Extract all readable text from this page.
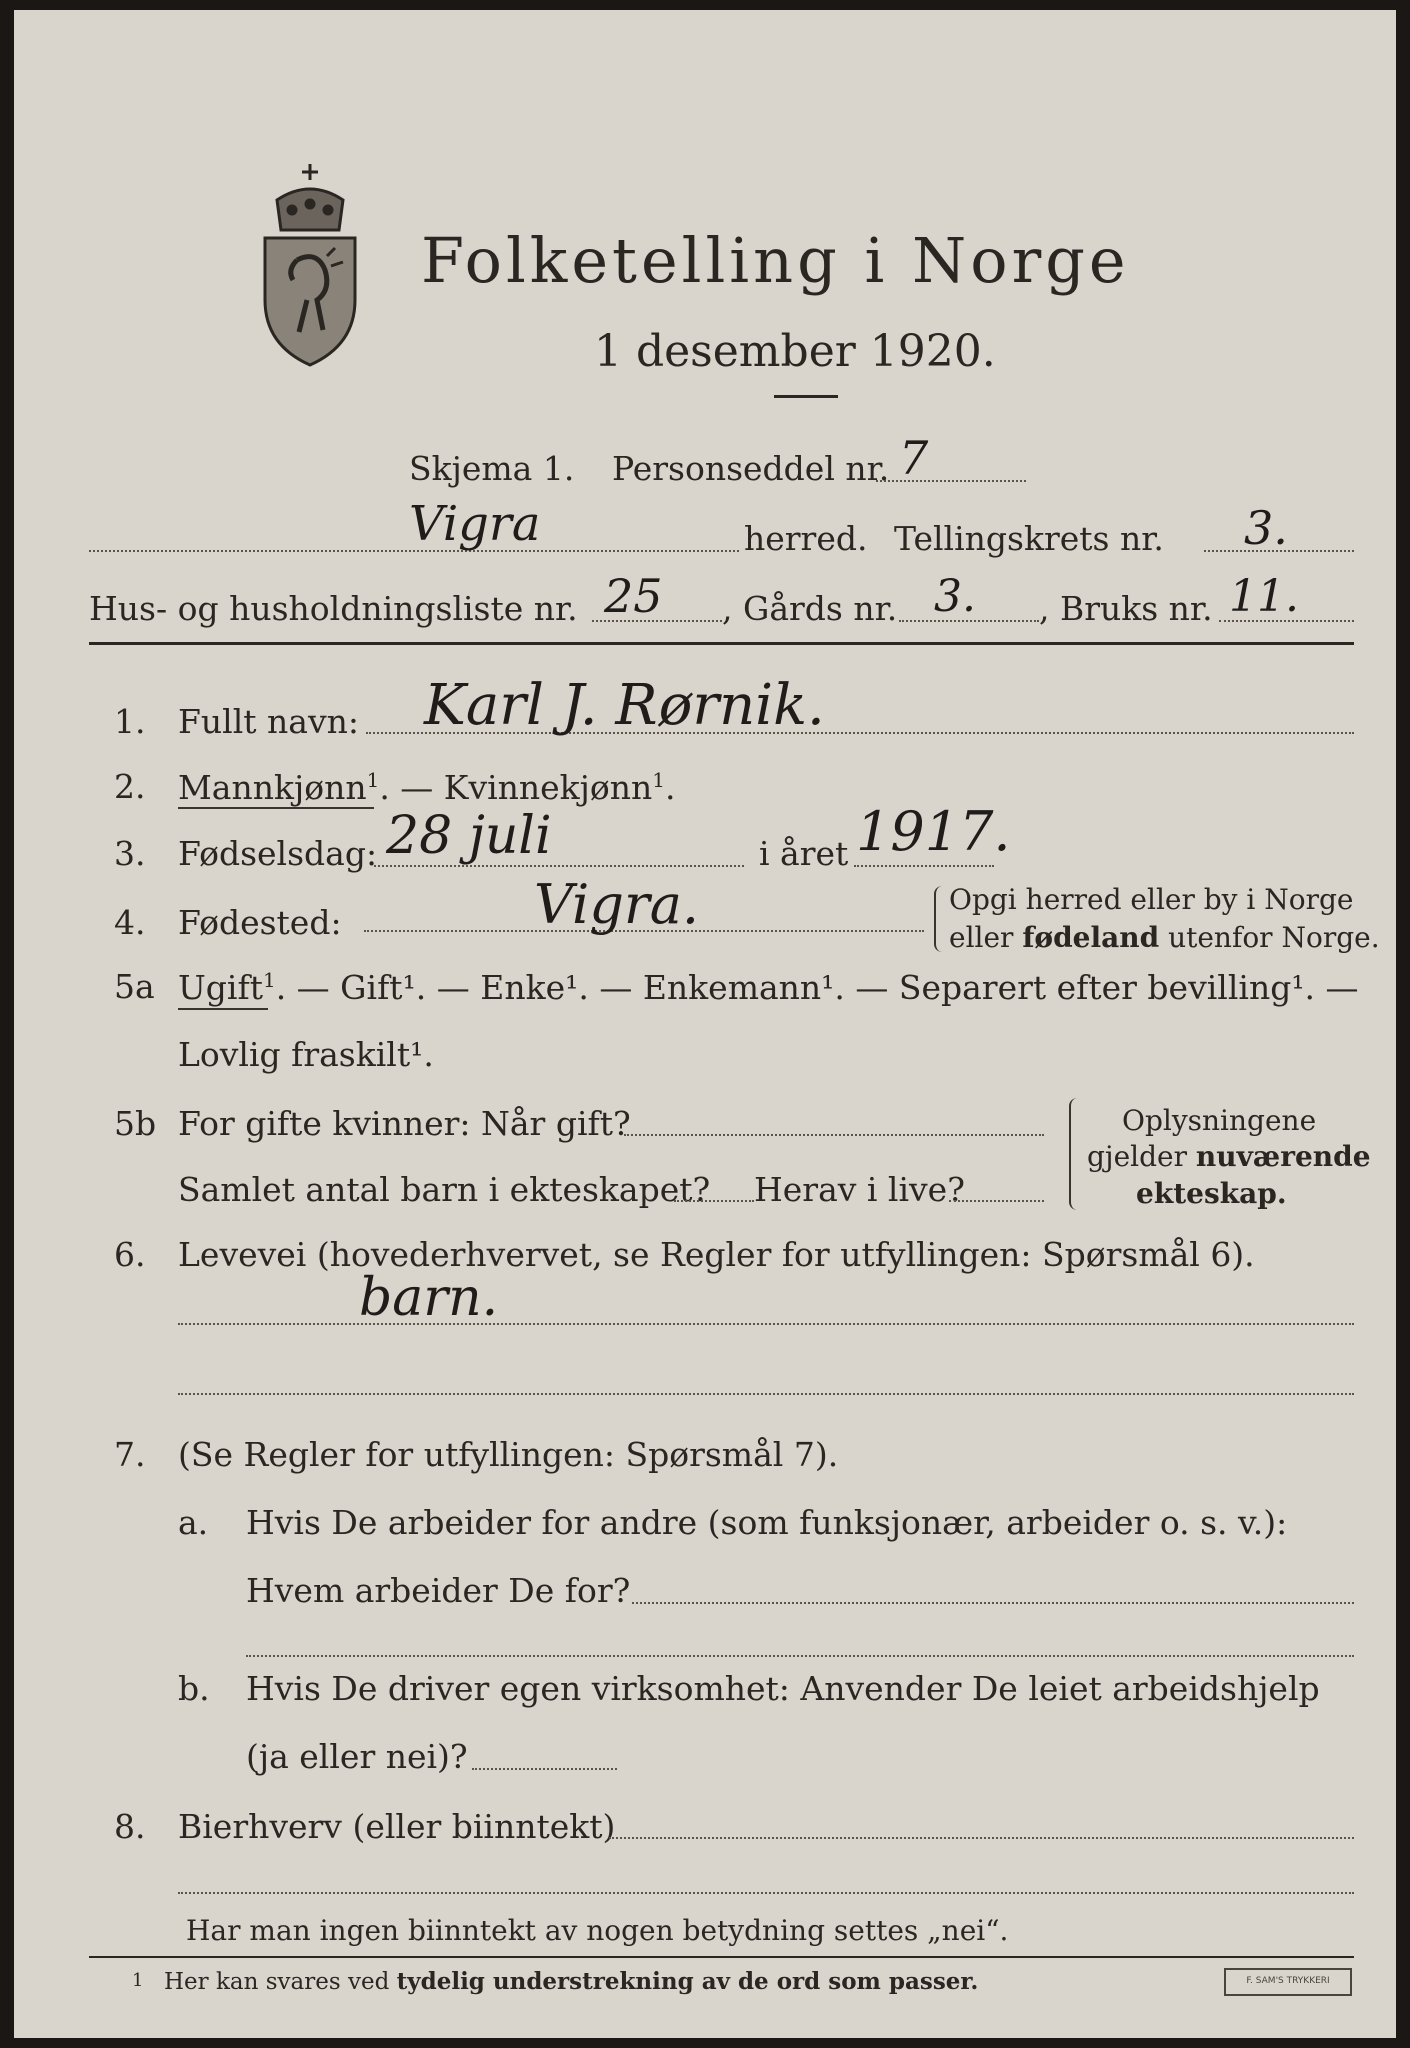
Folketelling i Norge
1 desember 1920.
Skjema 1. Personseddel nr. 7
Vigra	herred. Tellingskrets nr. 3.
Hus- og husholdningsliste nr. 25 , Gårds nr. 3. , Bruks nr. 11.
1. Fullt navn: Karl J. Rørnik.
2. Mannkjønn$^1$. — Kvinnekjønn$^1$.
3. Fødselsdag: 28 juli	i året 1917.
4. Fødested:	Vigra.	Opgi herred eller by i Norge
eller fødeland utenfor Norge.
5a Ugift$^1$. — Gift¹. — Enke¹. — Enkemann¹. — Separert efter bevilling¹. —
Lovlig fraskilt¹.
5b For gifte kvinner: Når gift?
Samlet antal barn i ekteskapet? Herav i live?
Oplysningene
gjelder nuværende
ekteskap.
6. Levevei (hovederhvervet, se Regler for utfyllingen: Spørsmål 6).
barn.
7. (Se Regler for utfyllingen: Spørsmål 7).
a. Hvis De arbeider for andre (som funksjonær, arbeider o. s. v.):
Hvem arbeider De for?
b. Hvis De driver egen virksomhet: Anvender De leiet arbeidshjelp
(ja eller nei)?
8. Bierhverv (eller biinntekt)
Har man ingen biinntekt av nogen betydning settes „nei“.
1 Her kan svares ved tydelig understrekning av de ord som passer.	F. SAM'S TRYKKERI
